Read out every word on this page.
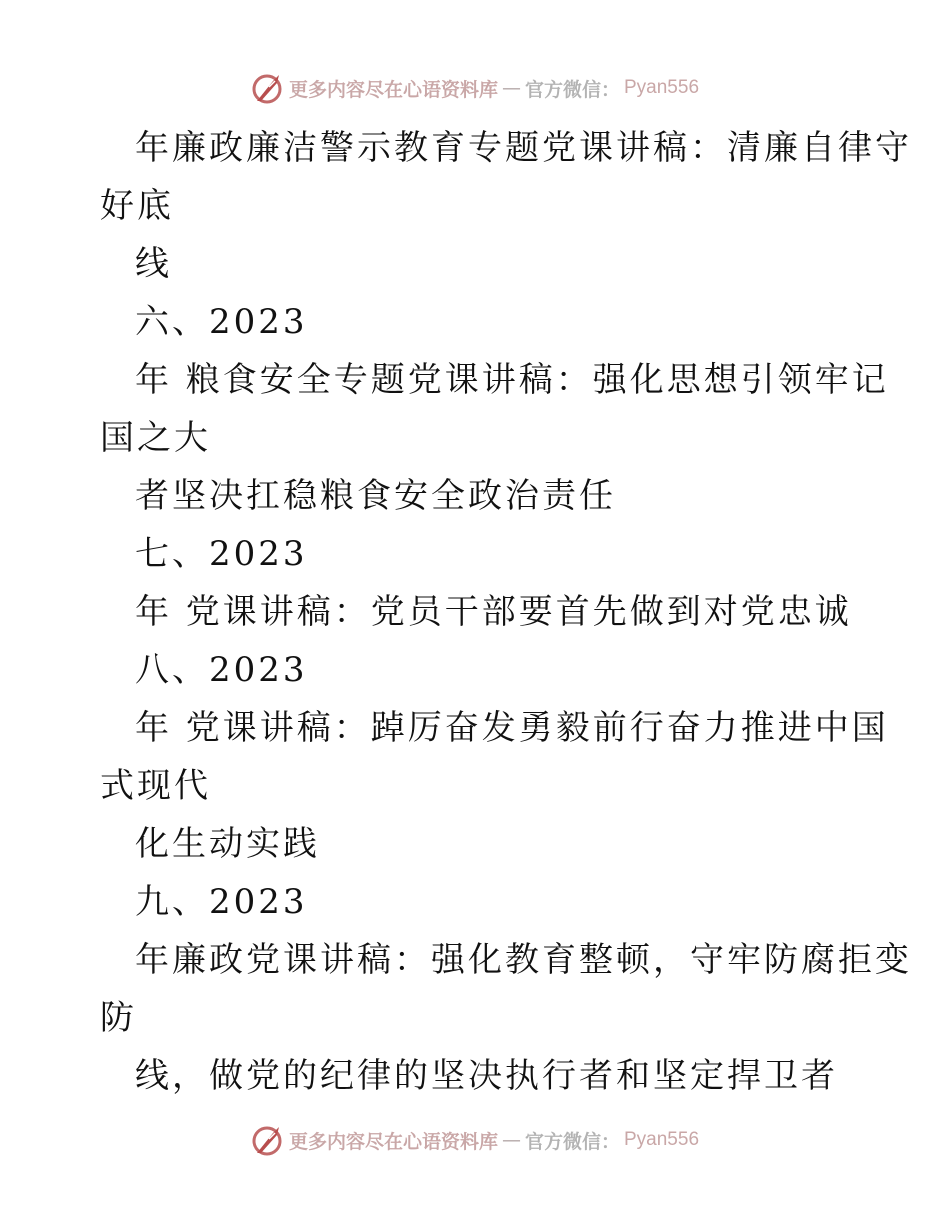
更多内容尽在心语资料库 — 官方微信： Pyan556
年廉政廉洁警示教育专题党课讲稿：清廉自律守
好底
线
六、2023
年 粮食安全专题党课讲稿：强化思想引领牢记
国之大
者坚决扛稳粮食安全政治责任
七、2023
年 党课讲稿：党员干部要首先做到对党忠诚
八、2023
年 党课讲稿：踔厉奋发勇毅前行奋力推进中国
式现代
化生动实践
九、2023
年廉政党课讲稿：强化教育整顿，守牢防腐拒变
防
线，做党的纪律的坚决执行者和坚定捍卫者
更多内容尽在心语资料库 — 官方微信： Pyan556
